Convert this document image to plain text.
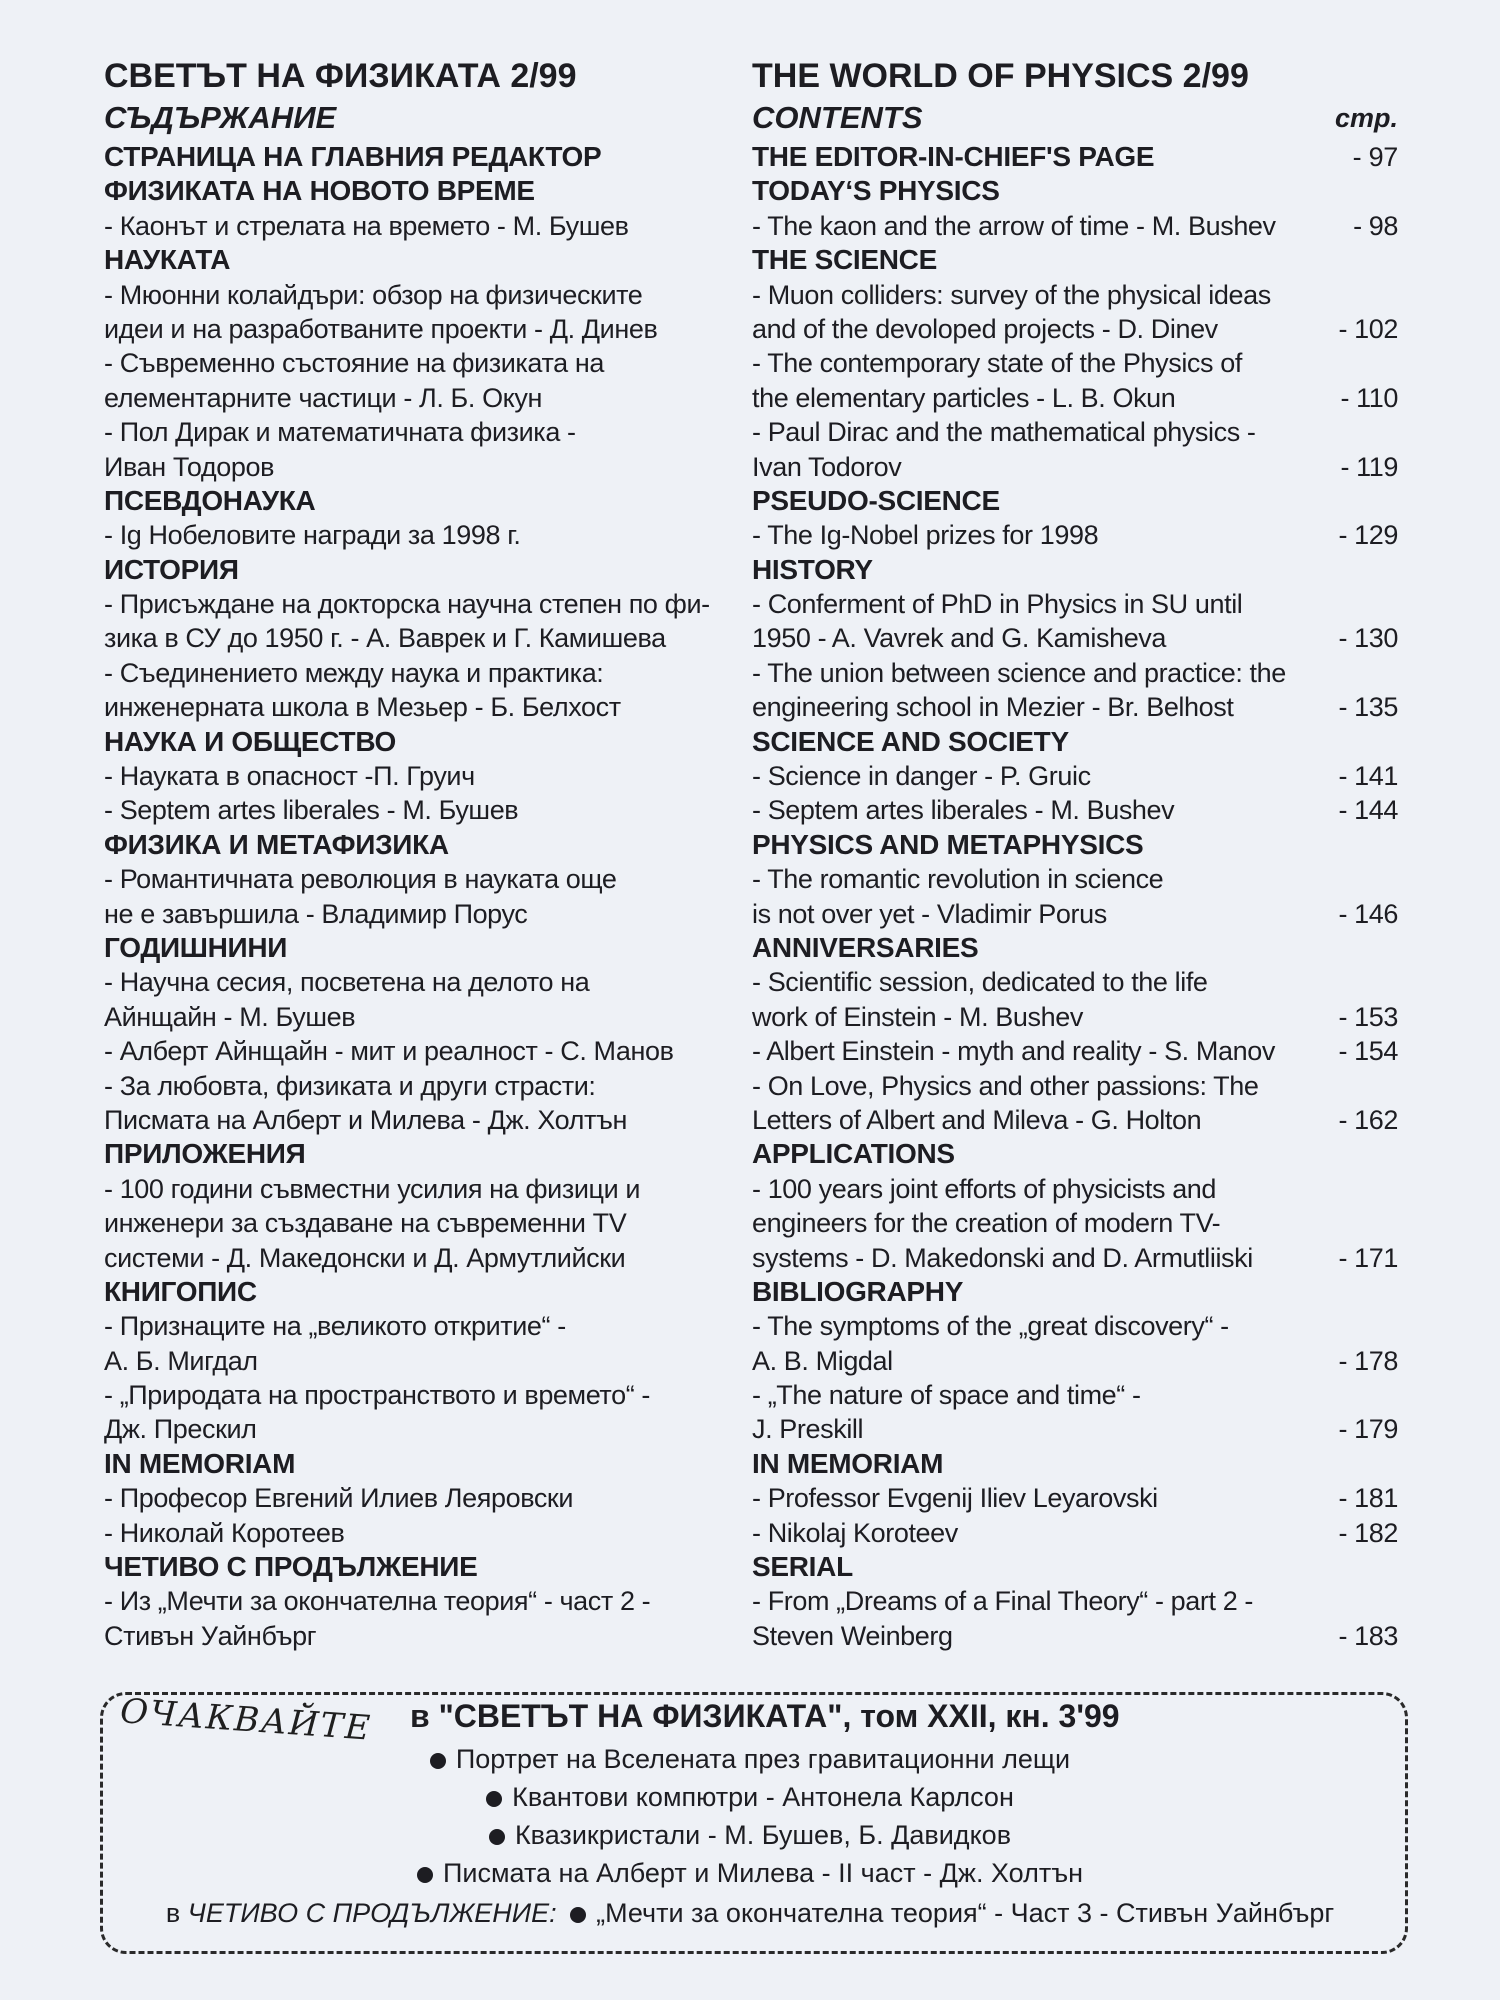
СВЕТЪТ НА ФИЗИКАТА 2/99
СЪДЪРЖАНИЕ
СТРАНИЦА НА ГЛАВНИЯ РЕДАКТОР
ФИЗИКАТА НА НОВОТО ВРЕМЕ
- Каонът и стрелата на времето - М. Бушев
НАУКАТА
- Мюонни колайдъри: обзор на физическите
идеи и на разработваните проекти - Д. Динев
- Съвременно състояние на физиката на
елементарните частици - Л. Б. Окун
- Пол Дирак и математичната физика -
Иван Тодоров
ПСЕВДОНАУКА
- Ig Нобеловите награди за 1998 г.
ИСТОРИЯ
- Присъждане на докторска научна степен по фи-
зика в СУ до 1950 г. - А. Ваврек и Г. Камишева
- Съединението между наука и практика:
инженерната школа в Мезьер - Б. Белхост
НАУКА И ОБЩЕСТВО
- Науката в опасност -П. Груич
- Septem artes liberales - М. Бушев
ФИЗИКА И МЕТАФИЗИКА
- Романтичната революция в науката още
не е завършила - Владимир Порус
ГОДИШНИНИ
- Научна сесия, посветена на делото на
Айнщайн - М. Бушев
- Алберт Айнщайн - мит и реалност - С. Манов
- За любовта, физиката и други страсти:
Писмата на Алберт и Милева - Дж. Холтън
ПРИЛОЖЕНИЯ
- 100 години съвместни усилия на физици и
инженери за създаване на съвременни TV
системи - Д. Македонски и Д. Армутлийски
КНИГОПИС
- Признаците на „великото откритие“ -
А. Б. Мигдал
- „Природата на пространството и времето“ -
Дж. Прескил
IN MEMORIAM
- Професор Евгений Илиев Лeяровски
- Николай Коротеев
ЧЕТИВО С ПРОДЪЛЖЕНИЕ
- Из „Мечти за окончателна теория“ - част 2 -
Стивън Уайнбърг
THE WORLD OF PHYSICS 2/99
CONTENTS	стр.
THE EDITOR-IN-CHIEF'S PAGE	- 97
TODAY‘S PHYSICS
- The kaon and the arrow of time - M. Bushev	- 98
THE SCIENCE
- Muon colliders: survey of the physical ideas
and of the devoloped projects - D. Dinev	- 102
- The contemporary state of the Physics of
the elementary particles - L. B. Okun	- 110
- Paul Dirac and the mathematical physics -
Ivan Todorov	- 119
PSEUDO-SCIENCE
- The Ig-Nobel prizes for 1998	- 129
HISTORY
- Conferment of PhD in Physics in SU until
1950 - A. Vavrek and G. Kamisheva	- 130
- The union between science and practice: the
engineering school in Mezier - Br. Belhost	- 135
SCIENCE AND SOCIETY
- Science in danger - P. Gruic	- 141
- Septem artes liberales - M. Bushev	- 144
PHYSICS AND METAPHYSICS
- The romantic revolution in science
is not over yet - Vladimir Porus	- 146
ANNIVERSARIES
- Scientific session, dedicated to the life
work of Einstein - M. Bushev	- 153
- Albert Einstein - myth and reality - S. Manov - 154
- On Love, Physics and other passions: The
Letters of Albert and Mileva - G. Holton	- 162
APPLICATIONS
- 100 years joint efforts of physicists and
engineers for the creation of modern TV-
systems - D. Makedonski and D. Armutliiski	- 171
BIBLIOGRAPHY
- The symptoms of the „great discovery“ -
A. B. Migdal	- 178
- „The nature of space and time“ -
J. Preskill	- 179
IN MEMORIAM
- Professor Evgenij Iliev Leyarovski	- 181
- Nikolaj Koroteev	- 182
SERIAL
- From „Dreams of a Final Theory“ - part 2 -
Steven Weinberg	- 183
ОЧАКВАЙТЕ в "СВЕТЪТ НА ФИЗИКАТА", том XXII, кн. 3'99
Портрет на Вселената през гравитационни лещи
Квантови компютри - Антонела Карлсон
Квазикристали - М. Бушев, Б. Давидков
Писмата на Алберт и Милева - II част - Дж. Холтън
в ЧЕТИВО С ПРОДЪЛЖЕНИЕ: „Мечти за окончателна теория“ - Част 3 - Стивън Уайнбърг
